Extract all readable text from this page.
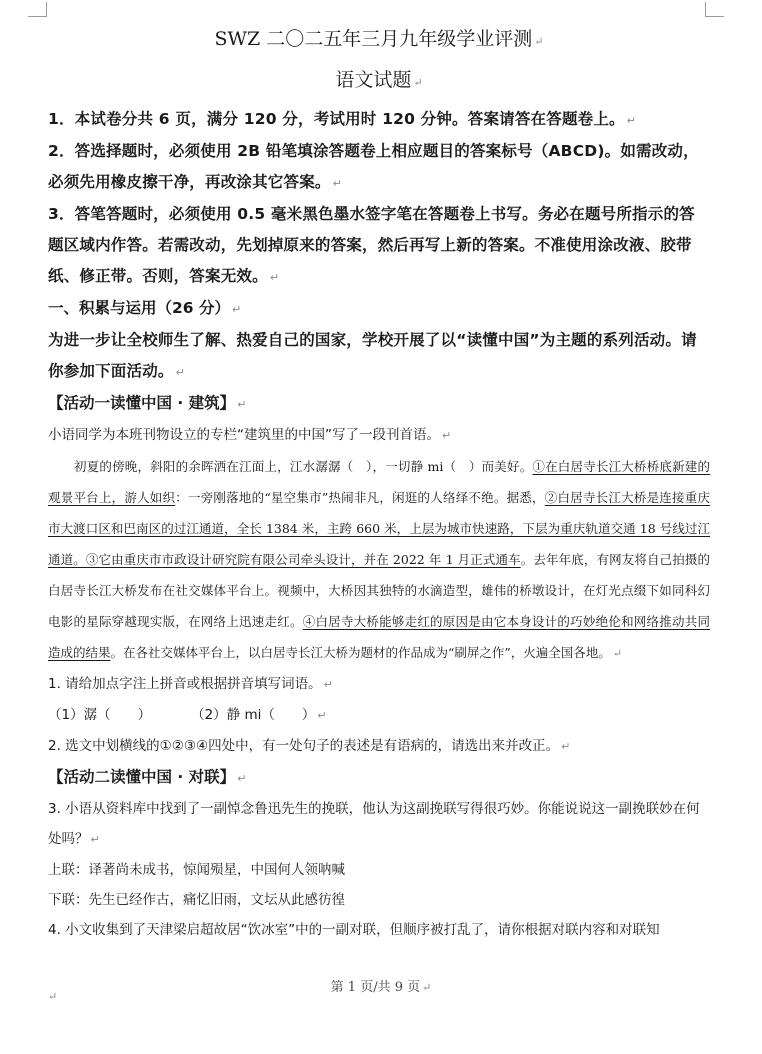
SWZ 二〇二五年三月九年级学业评测 ↵
语文试题 ↵
1．本试卷分共 6 页，满分 120 分，考试用时 120 分钟。答案请答在答题卷上。 ↵
2．答选择题时，必须使用 2B 铅笔填涂答题卷上相应题目的答案标号（ABCD)。如需改动，必须先用橡皮擦干净，再改涂其它答案。 ↵
3．答笔答题时，必须使用 0.5 毫米黑色墨水签字笔在答题卷上书写。务必在题号所指示的答题区域内作答。若需改动，先划掉原来的答案，然后再写上新的答案。不准使用涂改液、胶带纸、修正带。否则，答案无效。 ↵
一、积累与运用（26 分） ↵
为进一步让全校师生了解、热爱自己的国家，学校开展了以“读懂中国”为主题的系列活动。请你参加下面活动。 ↵
【活动一读懂中国 · 建筑】 ↵
小语同学为本班刊物设立的专栏“建筑里的中国”写了一段刊首语。 ↵
初夏的傍晚，斜阳的余晖洒在江面上，江水潺潺（　），一切静 mi（　）而美好。①在白居寺长江大桥桥底新建的观景平台上，游人如织：一旁刚落地的“星空集市”热闹非凡，闲逛的人络绎不绝。据悉，②白居寺长江大桥是连接重庆市大渡口区和巴南区的过江通道，全长 1384 米，主跨 660 米，上层为城市快速路，下层为重庆轨道交通 18 号线过江通道。③它由重庆市市政设计研究院有限公司牵头设计，并在 2022 年 1 月正式通车。去年年底，有网友将自己拍摄的白居寺长江大桥发布在社交媒体平台上。视频中，大桥因其独特的水滴造型，雄伟的桥墩设计，在灯光点缀下如同科幻电影的星际穿越现实版，在网络上迅速走红。④白居寺大桥能够走红的原因是由它本身设计的巧妙绝伦和网络推动共同造成的结果。在各社交媒体平台上，以白居寺长江大桥为题材的作品成为“刷屏之作”，火遍全国各地。 ↵
1. 请给加点字注上拼音或根据拼音填写词语。 ↵
（1）潺（　　）	（2）静 mi（　　） ↵
2. 选文中划横线的①②③④四处中，有一处句子的表述是有语病的，请选出来并改正。 ↵
【活动二读懂中国 · 对联】 ↵
3. 小语从资料库中找到了一副悼念鲁迅先生的挽联，他认为这副挽联写得很巧妙。你能说说这一副挽联妙在何处吗？ ↵
上联：译著尚未成书，惊闻殒星，中国何人领呐喊
下联：先生已经作古，痛忆旧雨，文坛从此感彷徨
4. 小文收集到了天津梁启超故居“饮冰室”中的一副对联，但顺序被打乱了，请你根据对联内容和对联知
第 1 页/共 9 页 ↵
↵
